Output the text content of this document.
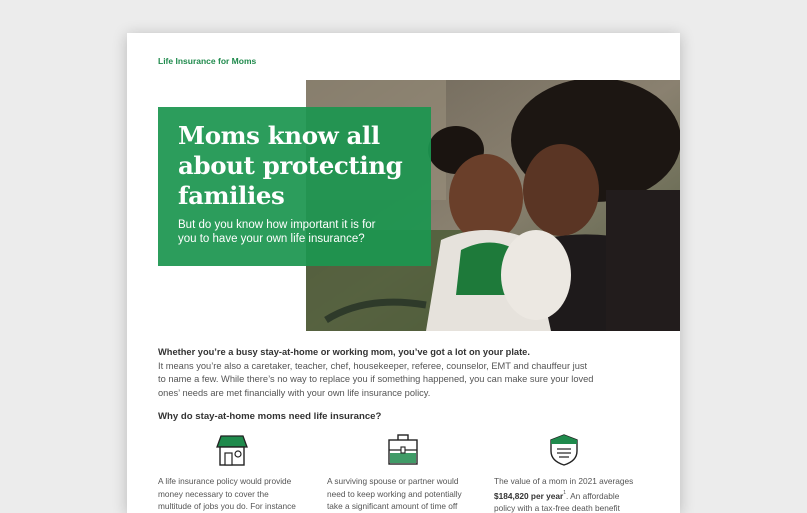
Life Insurance for Moms
Moms know all
about protecting
families

But do you know how important it is for
you to have your own life insurance?

Whether you’re a busy stay-at-home or working mom, you’ve got a lot on your plate.
It means you’re also a caretaker, teacher, chef, housekeeper, referee, counselor, EMT and chauffeur just
to name a few. While there’s no way to replace you if something happened, you can make sure your loved
ones’ needs are met financially with your own life insurance policy.

Why do stay-at-home moms need life insurance?
A life insurance policy would provide
money necessary to cover the
multitude of jobs you do. For instance
A surviving spouse or partner would
need to keep working and potentially
take a significant amount of time off
The value of a mom in 2021 averages
$184,820 per year$^1$. An affordable
policy with a tax-free death benefit
